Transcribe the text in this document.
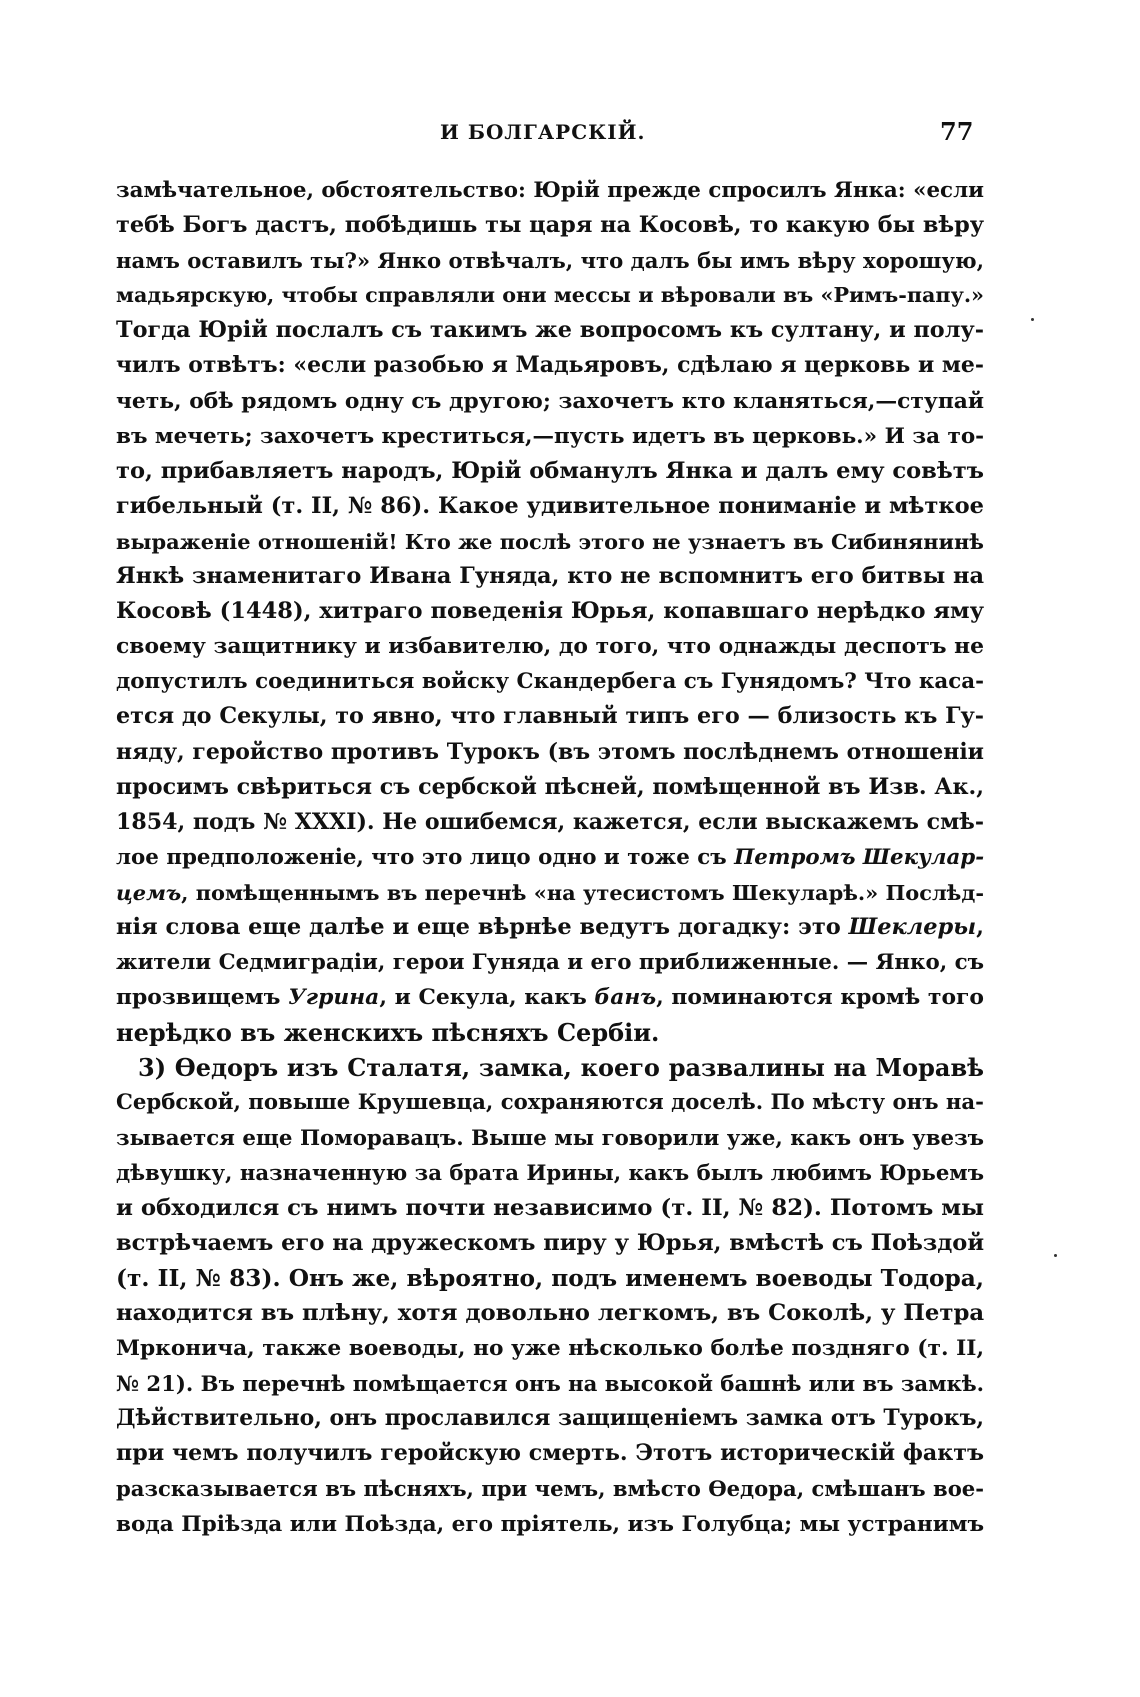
И БОЛГАРСКІЙ.	77
замѣчательное, обстоятельство: Юрій прежде спросилъ Янка: «если
тебѣ Богъ дастъ, побѣдишь ты царя на Косовѣ, то какую бы вѣру
намъ оставилъ ты?» Янко отвѣчалъ, что далъ бы имъ вѣру хорошую,
мадьярскую, чтобы справляли они мессы и вѣровали въ «Римъ-папу.»
Тогда Юрій послалъ съ такимъ же вопросомъ къ султану, и полу-
чилъ отвѣтъ: «если разобью я Мадьяровъ, сдѣлаю я церковь и ме-
четь, обѣ рядомъ одну съ другою; захочетъ кто кланяться,—ступай
въ мечеть; захочетъ креститься,—пусть идетъ въ церковь.» И за то-
то, прибавляетъ народъ, Юрій обманулъ Янка и далъ ему совѣтъ
гибельный (т. II, № 86). Какое удивительное пониманіе и мѣткое
выраженіе отношеній! Кто же послѣ этого не узнаетъ въ Сибинянинѣ
Янкѣ знаменитаго Ивана Гуняда, кто не вспомнитъ его битвы на
Косовѣ (1448), хитраго поведенія Юрья, копавшаго нерѣдко яму
своему защитнику и избавителю, до того, что однажды деспотъ не
допустилъ соединиться войску Скандербега съ Гунядомъ? Что каса-
ется до Секулы, то явно, что главный типъ его — близость къ Гу-
няду, геройство противъ Турокъ (въ этомъ послѣднемъ отношеніи
просимъ свѣриться съ сербской пѣсней, помѣщенной въ Изв. Ак.,
1854, подъ № XXXI). Не ошибемся, кажется, если выскажемъ смѣ-
лое предположеніе, что это лицо одно и тоже съ Петромъ Шекулар-
цемъ, помѣщеннымъ въ перечнѣ «на утесистомъ Шекуларѣ.» Послѣд-
нія слова еще далѣе и еще вѣрнѣе ведутъ догадку: это Шеклеры,
жители Седмиградіи, герои Гуняда и его приближенные. — Янко, съ
прозвищемъ Угрина, и Секула, какъ банъ, поминаются кромѣ того
нерѣдко въ женскихъ пѣсняхъ Сербіи.
3) Ѳедоръ изъ Сталатя, замка, коего развалины на Моравѣ
Сербской, повыше Крушевца, сохраняются доселѣ. По мѣсту онъ на-
зывается еще Поморавацъ. Выше мы говорили уже, какъ онъ увезъ
дѣвушку, назначенную за брата Ирины, какъ былъ любимъ Юрьемъ
и обходился съ нимъ почти независимо (т. II, № 82). Потомъ мы
встрѣчаемъ его на дружескомъ пиру у Юрья, вмѣстѣ съ Поѣздой
(т. II, № 83). Онъ же, вѣроятно, подъ именемъ воеводы Тодора,
находится въ плѣну, хотя довольно легкомъ, въ Соколѣ, у Петра
Мрконича, также воеводы, но уже нѣсколько болѣе поздняго (т. II,
№ 21). Въ перечнѣ помѣщается онъ на высокой башнѣ или въ замкѣ.
Дѣйствительно, онъ прославился защищеніемъ замка отъ Турокъ,
при чемъ получилъ геройскую смерть. Этотъ историческій фактъ
разсказывается въ пѣсняхъ, при чемъ, вмѣсто Ѳедора, смѣшанъ вое-
вода Пріѣзда или Поѣзда, его пріятель, изъ Голубца; мы устранимъ
